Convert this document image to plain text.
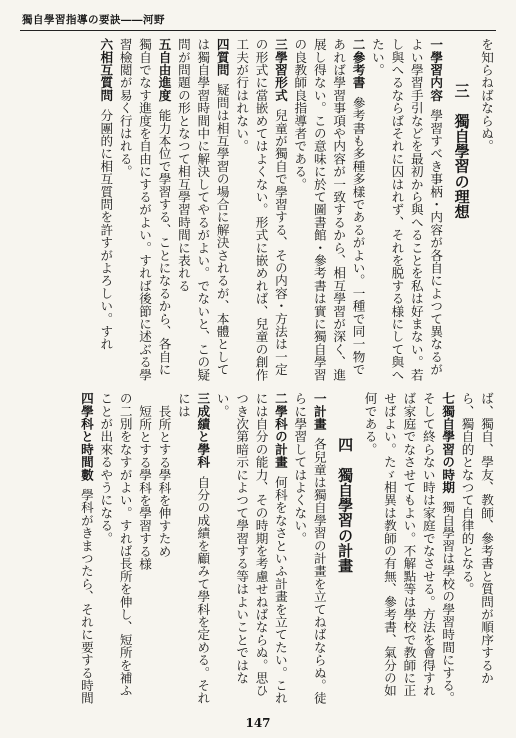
獨自學習指導の要訣――河野

を知らねばならぬ。

三　獨自學習の理想

一學習内容學習すべき事柄・内容が各自によつて異なるがよい學習手引などを最初から與へることを私は好まない。若し與へるならばそれに囚はれず、それを脱する様にして與へたい。

二參考書參考書も多種多樣であるがよい。一種で同一物であれば學習事項や内容が一致するから、相互學習が深く、進展し得ない。この意味に於て圖書館・參考書は實に獨自學習の良教師良指導者である。

三學習形式兒童が獨自で學習する、その内容・方法は一定の形式に當嵌めてはよくない。形式に嵌めれば、兒童の創作工夫が行はれない。

四質問疑問は相互學習の場合に解決されるが、本體としては獨自學習時間中に解決してやるがよい。でないと、この疑問が問題の形となつて相互學習時間に表れる

五自由進度能力本位で學習する、ことになるから、各自に獨自でなす進度を自由にするがよい。すれば後節に述ぶる學習檢閲が易く行はれる。

六相互質問分團的に相互質問を許すがよろしい。すれ

ば、獨自、學友、教師、參考書と質問が順序するから、獨自的となつて自律的となる。

七獨自學習の時期獨自學習は學校の學習時間にする。そして終らない時は家庭でなさせる。方法を會得すれば家庭でなさせてもよい。不解點等は學校で教師に正せばよい。たゞ相異は教師の有無、參考書、氣分の如何である。

四　獨自學習の計畫

一計畫各兒童は獨自學習の計畫を立てねばならぬ。徒らに學習してはよくない。

二學科の計畫何科をなさといふ計畫を立てたい。これには自分の能力、その時期を考慮せねばならぬ。思ひつき次第暗示によつて學習する等はよいことではない。

三成績と學科自分の成績を顧みて學科を定める。それには

長所とする學科を伸すため

短所とする學科を學習する様

の二別をなすがよい。すれば長所を伸し、短所を補ふことが出來るやうになる。

四學科と時間數學科がきまつたら、それに要する時間

147
